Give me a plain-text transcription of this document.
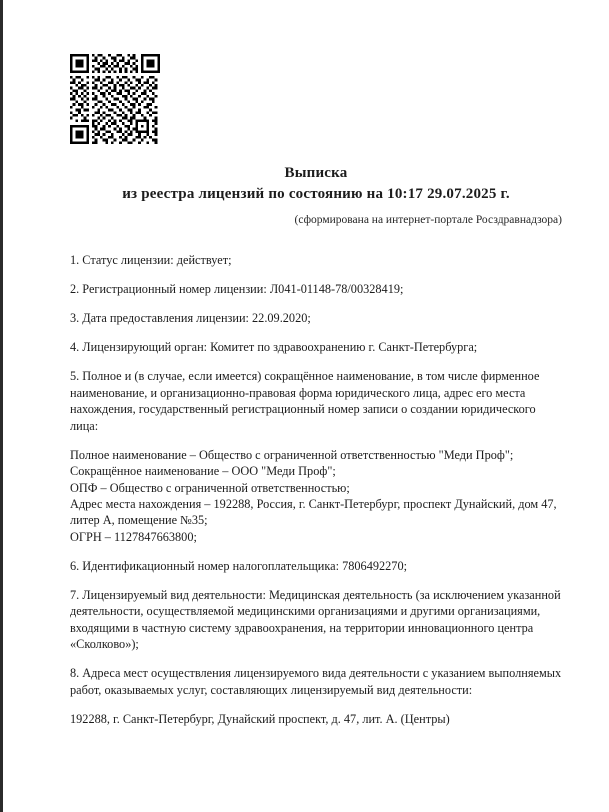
Выписка
из реестра лицензий по состоянию на 10:17 29.07.2025 г.
(сформирована на интернет-портале Росздравнадзора)

1. Статус лицензии: действует;

2. Регистрационный номер лицензии: Л041-01148-78/00328419;

3. Дата предоставления лицензии: 22.09.2020;

4. Лицензирующий орган: Комитет по здравоохранению г. Санкт-Петербурга;

5. Полное и (в случае, если имеется) сокращённое наименование, в том числе фирменное наименование, и организационно-правовая форма юридического лица, адрес его места нахождения, государственный регистрационный номер записи о создании юридического лица:

Полное наименование – Общество с ограниченной ответственностью "Меди Проф";
Сокращённое наименование – ООО "Меди Проф";
ОПФ – Общество с ограниченной ответственностью;
Адрес места нахождения – 192288, Россия, г. Санкт-Петербург, проспект Дунайский, дом 47,
литер А, помещение №35;
ОГРН – 1127847663800;

6. Идентификационный номер налогоплательщика: 7806492270;

7. Лицензируемый вид деятельности: Медицинская деятельность (за исключением указанной деятельности, осуществляемой медицинскими организациями и другими организациями, входящими в частную систему здравоохранения, на территории инновационного центра «Сколково»);

8. Адреса мест осуществления лицензируемого вида деятельности с указанием выполняемых работ, оказываемых услуг, составляющих лицензируемый вид деятельности:

192288, г. Санкт-Петербург, Дунайский проспект, д. 47, лит. А. (Центры)
